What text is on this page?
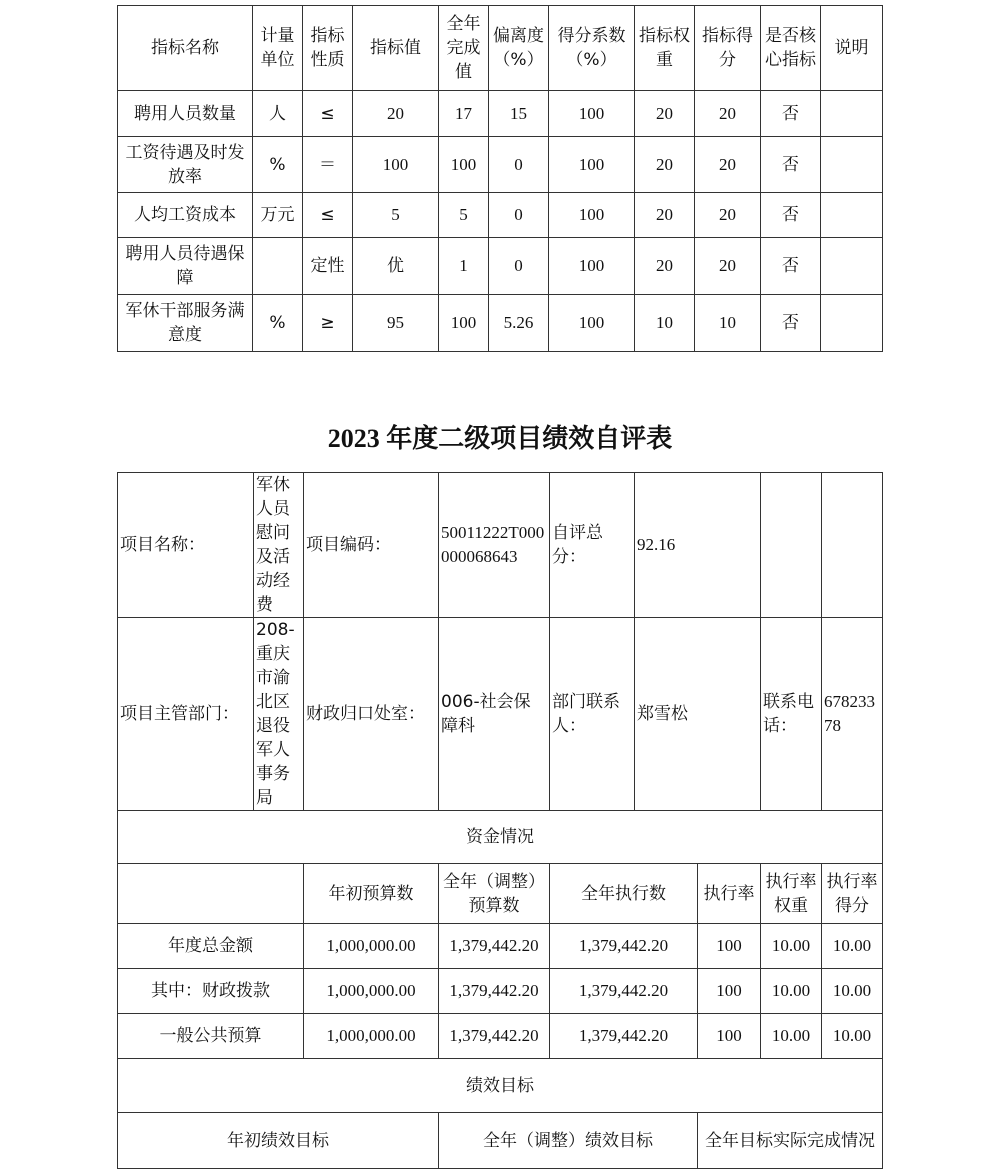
指标名称	计量单位	指标性质	指标值	全年完成值	偏离度（%）	得分系数（%）	指标权重	指标得分	是否核心指标	说明
聘用人员数量	人	≤	20	17	15	100	20	20	否	
工资待遇及时发放率	%	＝	100	100	0	100	20	20	否	
人均工资成本	万元	≤	5	5	0	100	20	20	否	
聘用人员待遇保障		定性	优	1	0	100	20	20	否	
军休干部服务满意度	%	≥	95	100	5.26	100	10	10	否	
2023 年度二级项目绩效自评表
项目名称：	军休人员慰问及活动经费	项目编码：	50011222T000000068643	自评总分：	92.16			
项目主管部门：	208-重庆市渝北区退役军人事务局	财政归口处室：	006-社会保障科	部门联系人：	郑雪松		联系电话：	67823378
资金情况								
		年初预算数	全年（调整）预算数	全年执行数		执行率	执行率权重	执行率得分
年度总金额		1,000,000.00	1,379,442.20	1,379,442.20		100	10.00	10.00
其中：财政拨款		1,000,000.00	1,379,442.20	1,379,442.20		100	10.00	10.00
一般公共预算		1,000,000.00	1,379,442.20	1,379,442.20		100	10.00	10.00
绩效目标								
年初绩效目标			全年（调整）绩效目标			全年目标实际完成情况		
